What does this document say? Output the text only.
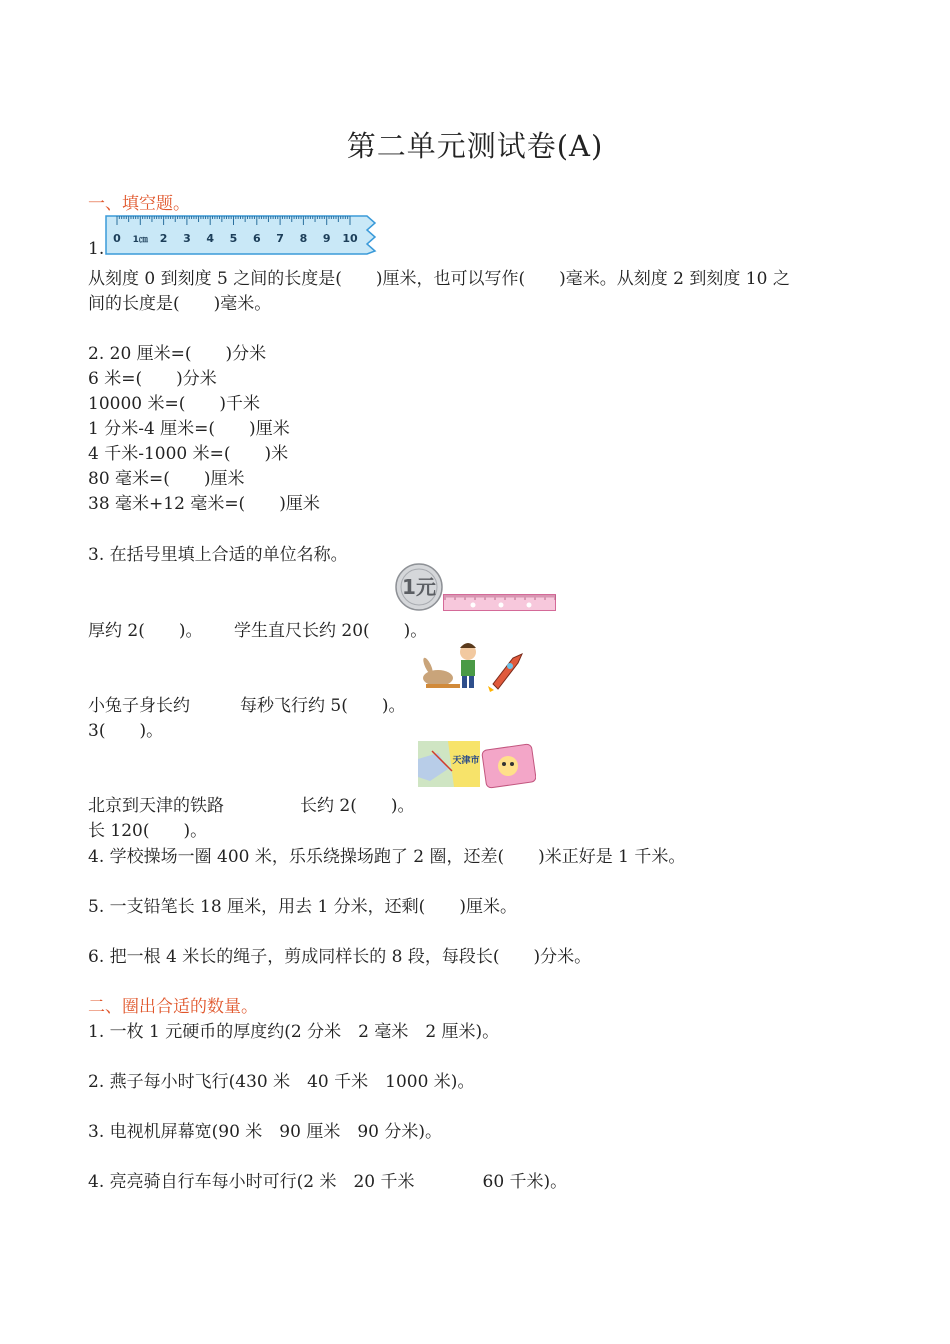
第二单元测试卷(A)
一、填空题。
1.
0 1㎝ 2 3 4 5 6 7 8 9 10
从刻度 0 到刻度 5 之间的长度是(　　)厘米，也可以写作(　　)毫米。从刻度 2 到刻度 10 之
间的长度是(　　)毫米。
2. 20 厘米=(　　)分米
6 米=(　　)分米
10000 米=(　　)千米
1 分米-4 厘米=(　　)厘米
4 千米-1000 米=(　　)米
80 毫米=(　　)厘米
38 毫米+12 毫米=(　　)厘米
3. 在括号里填上合适的单位名称。
1元
厚约 2(　　)。 学生直尺长约 20(　　)。
小兔子身长约	每秒飞行约 5(　　)。
3(　　)。
天津市
北京到天津的铁路	长约 2(　　)。
长 120(　　)。
4. 学校操场一圈 400 米，乐乐绕操场跑了 2 圈，还差(　　)米正好是 1 千米。
5. 一支铅笔长 18 厘米，用去 1 分米，还剩(　　)厘米。
6. 把一根 4 米长的绳子，剪成同样长的 8 段，每段长(　　)分米。
二、圈出合适的数量。
1. 一枚 1 元硬币的厚度约(2 分米　2 毫米　2 厘米)。
2. 燕子每小时飞行(430 米　40 千米　1000 米)。
3. 电视机屏幕宽(90 米　90 厘米　90 分米)。
4. 亮亮骑自行车每小时可行(2 米　20 千米　　　　60 千米)。
